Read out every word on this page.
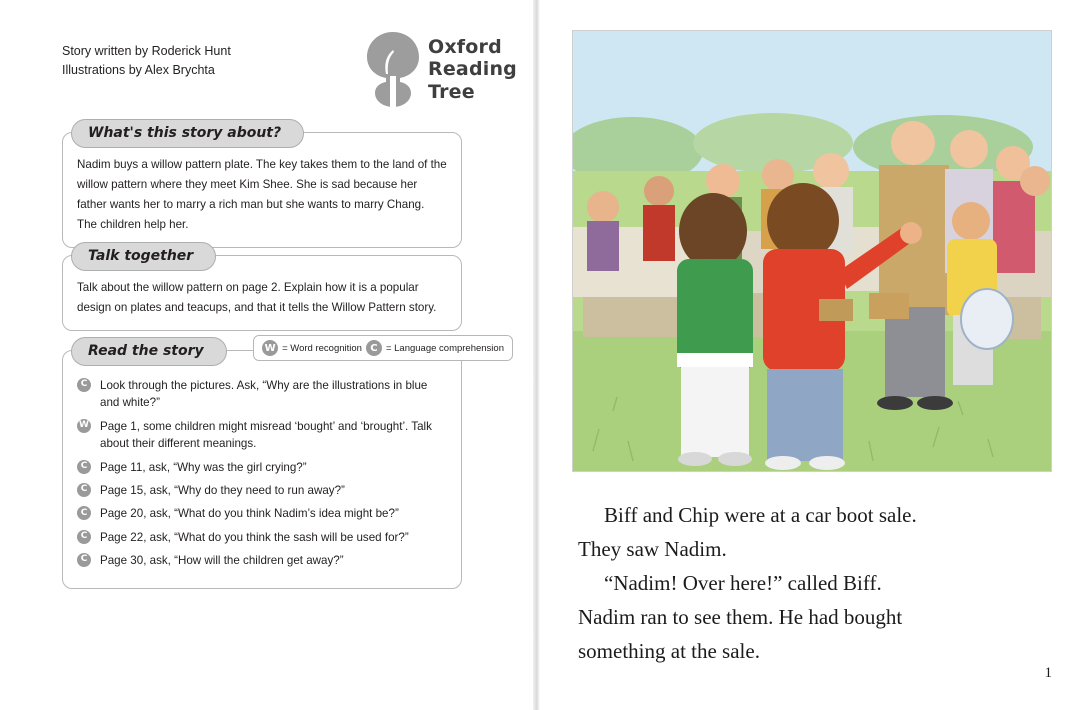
Story written by Roderick Hunt
Illustrations by Alex Brychta
Oxford
Reading
Tree
What's this story about?
Nadim buys a willow pattern plate. The key takes them to the land of the willow pattern where they meet Kim Shee. She is sad because her father wants her to marry a rich man but she wants to marry Chang. The children help her.
Talk together
Talk about the willow pattern on page 2. Explain how it is a popular design on plates and teacups, and that it tells the Willow Pattern story.
Read the story	W = Word recognition C = Language comprehension
C	Look through the pictures. Ask, “Why are the illustrations in blue and white?”
W Page 1, some children might misread ‘bought’ and ‘brought’. Talk about their different meanings.
C	Page 11, ask, “Why was the girl crying?”
C	Page 15, ask, “Why do they need to run away?”
C	Page 20, ask, “What do you think Nadim’s idea might be?”
C	Page 22, ask, “What do you think the sash will be used for?”
C	Page 30, ask, “How will the children get away?”

Biff and Chip were at a car boot sale.

They saw Nadim.

“Nadim! Over here!” called Biff.

Nadim ran to see them. He had bought

something at the sale.

1
